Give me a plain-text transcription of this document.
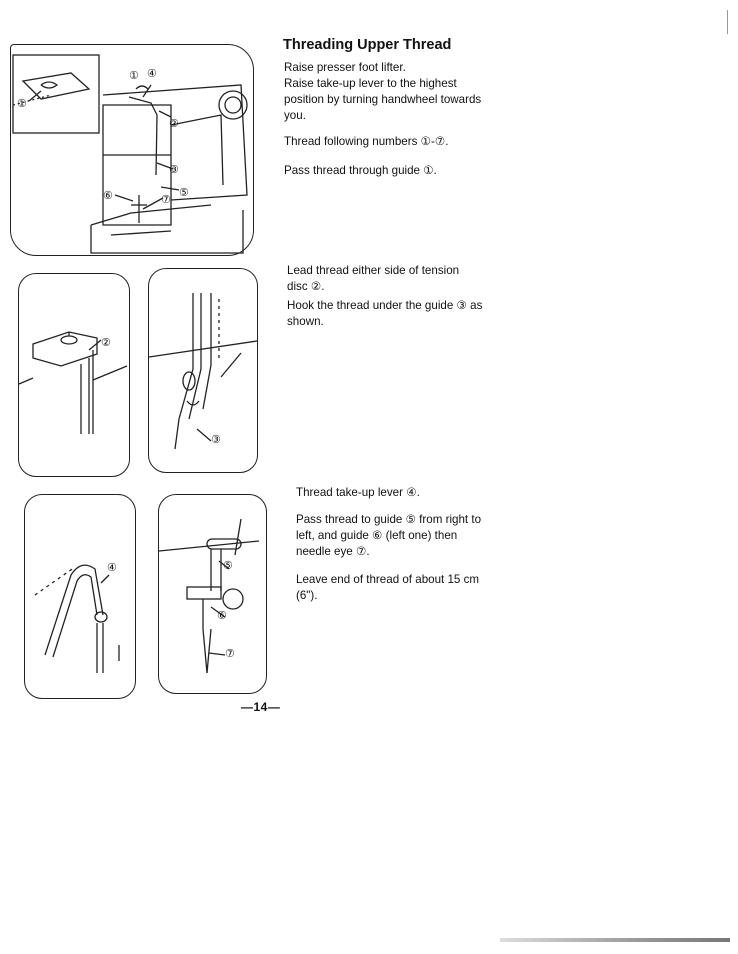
① ④
②
③
⑤
⑥	⑦
①
②
③
④	⑤
⑥
⑦
Threading Upper Thread
Raise presser foot lifter.
Raise take-up lever to the highest position by turning handwheel towards you.
Thread following numbers ①-⑦.
Pass thread through guide ①.
Lead thread either side of tension disc ②.
Hook the thread under the guide ③ as shown.
Thread take-up lever ④.
Pass thread to guide ⑤ from right to left, and guide ⑥ (left one) then needle eye ⑦.
Leave end of thread of about 15 cm (6").
—14—
